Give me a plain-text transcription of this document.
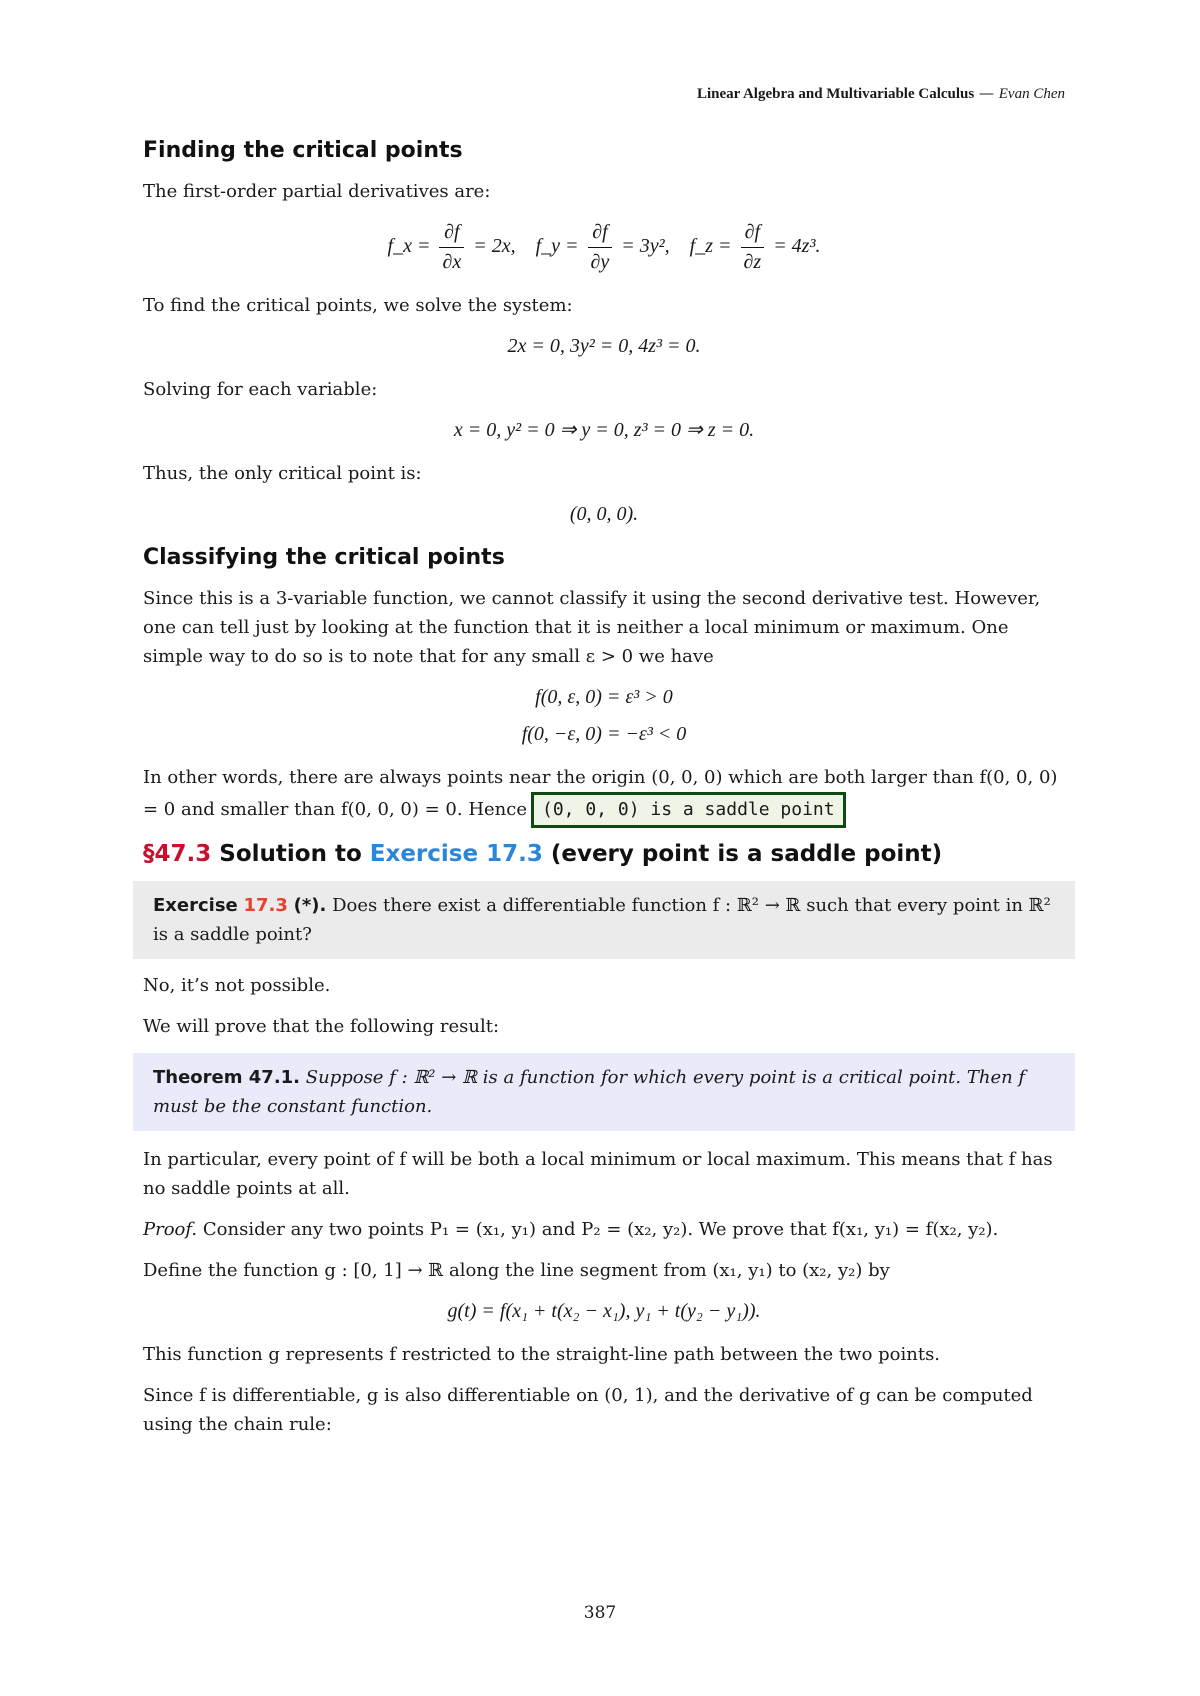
Linear Algebra and Multivariable Calculus — Evan Chen
Finding the critical points

The first-order partial derivatives are:

f_x = $\frac{\partial f}{\partial x} = 2x$, f_y = $\frac{\partial f}{\partial y} = 3y^2$,    f_z = $\frac{\partial f}{\partial z} = 4z^3$.

To find the critical points, we solve the system:

2x = 0, 3y² = 0, 4z³ = 0.

Solving for each variable:

x = 0, y² = 0 ⇒ y = 0, z³ = 0 ⇒ z = 0.

Thus, the only critical point is:

(0, 0, 0).
Classifying the critical points

Since this is a 3-variable function, we cannot classify it using the second derivative test. However, one can tell just by looking at the function that it is neither a local minimum or maximum. One simple way to do so is to note that for any small ε > 0 we have

f(0, ε, 0) = ε³ > 0
f(0, −ε, 0) = −ε³ < 0

In other words, there are always points near the origin (0, 0, 0) which are both larger than f(0, 0, 0) = 0 and smaller than f(0, 0, 0) = 0. Hence (0, 0, 0) is a saddle point

§47.3 Solution to Exercise 17.3 (every point is a saddle point)
Exercise 17.3 (*). Does there exist a differentiable function f : ℝ² → ℝ such that every point in ℝ² is a saddle point?

No, it’s not possible.

We will prove that the following result:

Theorem 47.1. Suppose f : ℝ² → ℝ is a function for which every point is a critical point. Then f must be the constant function.

In particular, every point of f will be both a local minimum or local maximum. This means that f has no saddle points at all.

Proof. Consider any two points P₁ = (x₁, y₁) and P₂ = (x₂, y₂). We prove that f(x₁, y₁) = f(x₂, y₂).

Define the function g : [0, 1] → ℝ along the line segment from (x₁, y₁) to (x₂, y₂) by

g(t) = f(x₁ + t(x₂ − x₁), y₁ + t(y₂ − y₁)).

This function g represents f restricted to the straight-line path between the two points.

Since f is differentiable, g is also differentiable on (0, 1), and the derivative of g can be computed using the chain rule:

387
